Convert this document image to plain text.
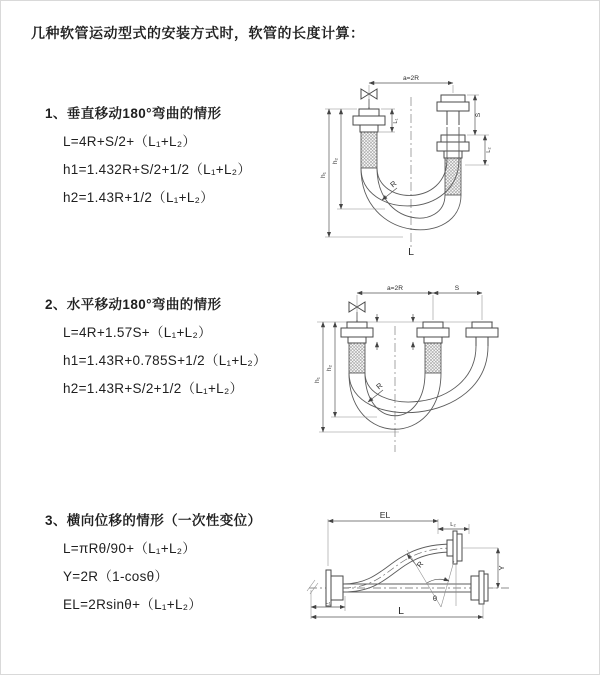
几种软管运动型式的安装方式时，软管的长度计算：
1、垂直移动180°弯曲的情形
L=4R+S/2+（L₁+L₂）
h1=1.432R+S/2+1/2（L₁+L₂）
h2=1.43R+1/2（L₁+L₂）
a=2R
h₁
h₂
L₁
S
L₂
R
L
2、水平移动180°弯曲的情形
L=4R+1.57S+（L₁+L₂）
h1=1.43R+0.785S+1/2（L₁+L₂）
h2=1.43R+S/2+1/2（L₁+L₂）
a=2R	S
h₁
h₂
R
3、横向位移的情形（一次性变位）
L=πRθ/90+（L₁+L₂）
Y=2R（1-cosθ）
EL=2Rsinθ+（L₁+L₂）
EL
L₂
Y
R
θ
L₁
L
